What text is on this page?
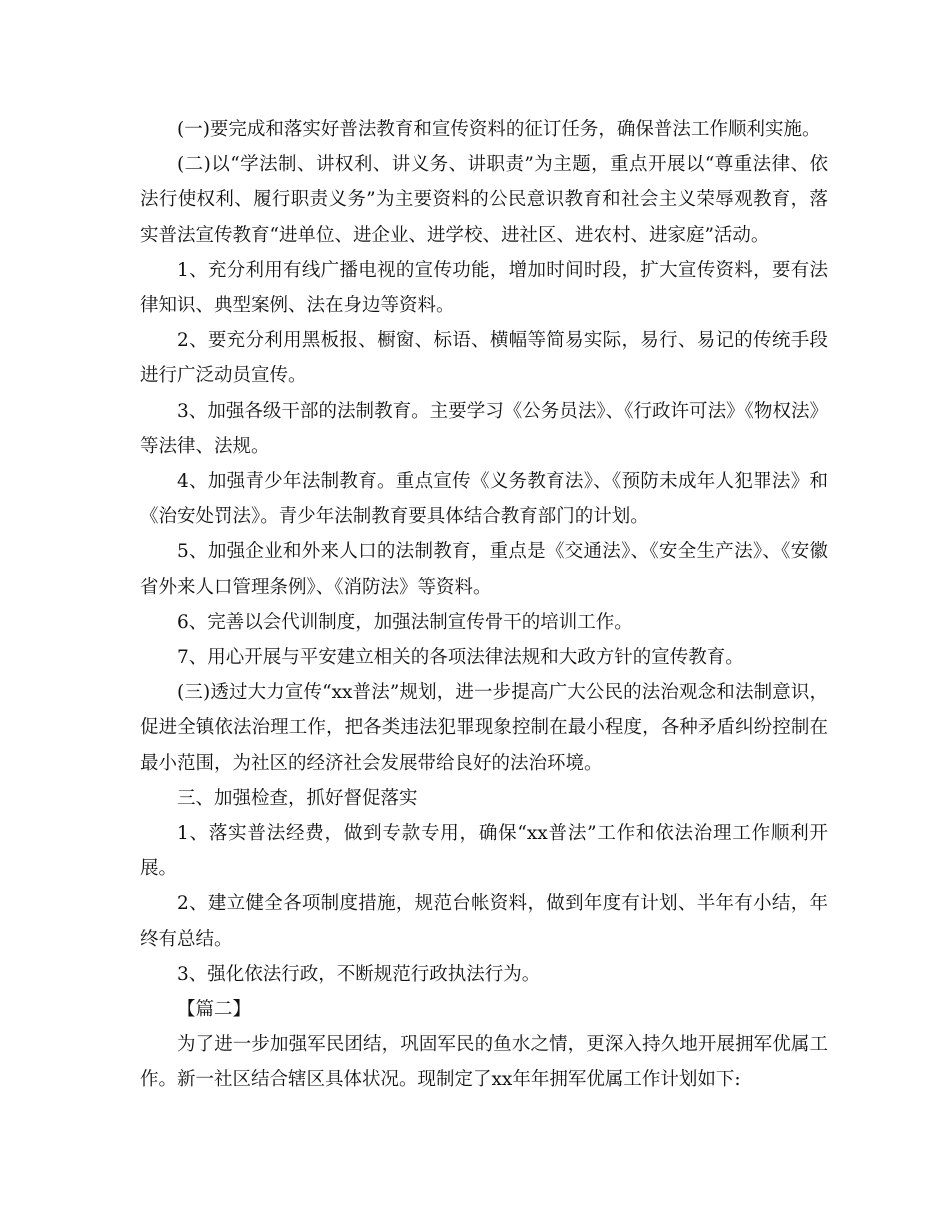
(一)要完成和落实好普法教育和宣传资料的征订任务，确保普法工作顺利实施。

(二)以“学法制、讲权利、讲义务、讲职责”为主题，重点开展以“尊重法律、依法行使权利、履行职责义务”为主要资料的公民意识教育和社会主义荣辱观教育，落实普法宣传教育“进单位、进企业、进学校、进社区、进农村、进家庭”活动。

1、充分利用有线广播电视的宣传功能，增加时间时段，扩大宣传资料，要有法律知识、典型案例、法在身边等资料。

2、要充分利用黑板报、橱窗、标语、横幅等简易实际，易行、易记的传统手段进行广泛动员宣传。

3、加强各级干部的法制教育。主要学习《公务员法》、《行政许可法》《物权法》等法律、法规。

4、加强青少年法制教育。重点宣传《义务教育法》、《预防未成年人犯罪法》和《治安处罚法》。青少年法制教育要具体结合教育部门的计划。

5、加强企业和外来人口的法制教育，重点是《交通法》、《安全生产法》、《安徽省外来人口管理条例》、《消防法》等资料。

6、完善以会代训制度，加强法制宣传骨干的培训工作。

7、用心开展与平安建立相关的各项法律法规和大政方针的宣传教育。

(三)透过大力宣传“xx普法”规划，进一步提高广大公民的法治观念和法制意识，促进全镇依法治理工作，把各类违法犯罪现象控制在最小程度，各种矛盾纠纷控制在最小范围，为社区的经济社会发展带给良好的法治环境。

三、加强检查，抓好督促落实

1、落实普法经费，做到专款专用，确保“xx普法”工作和依法治理工作顺利开展。

2、建立健全各项制度措施，规范台帐资料，做到年度有计划、半年有小结，年终有总结。

3、强化依法行政，不断规范行政执法行为。

【篇二】

为了进一步加强军民团结，巩固军民的鱼水之情，更深入持久地开展拥军优属工作。新一社区结合辖区具体状况。现制定了xx年年拥军优属工作计划如下:
